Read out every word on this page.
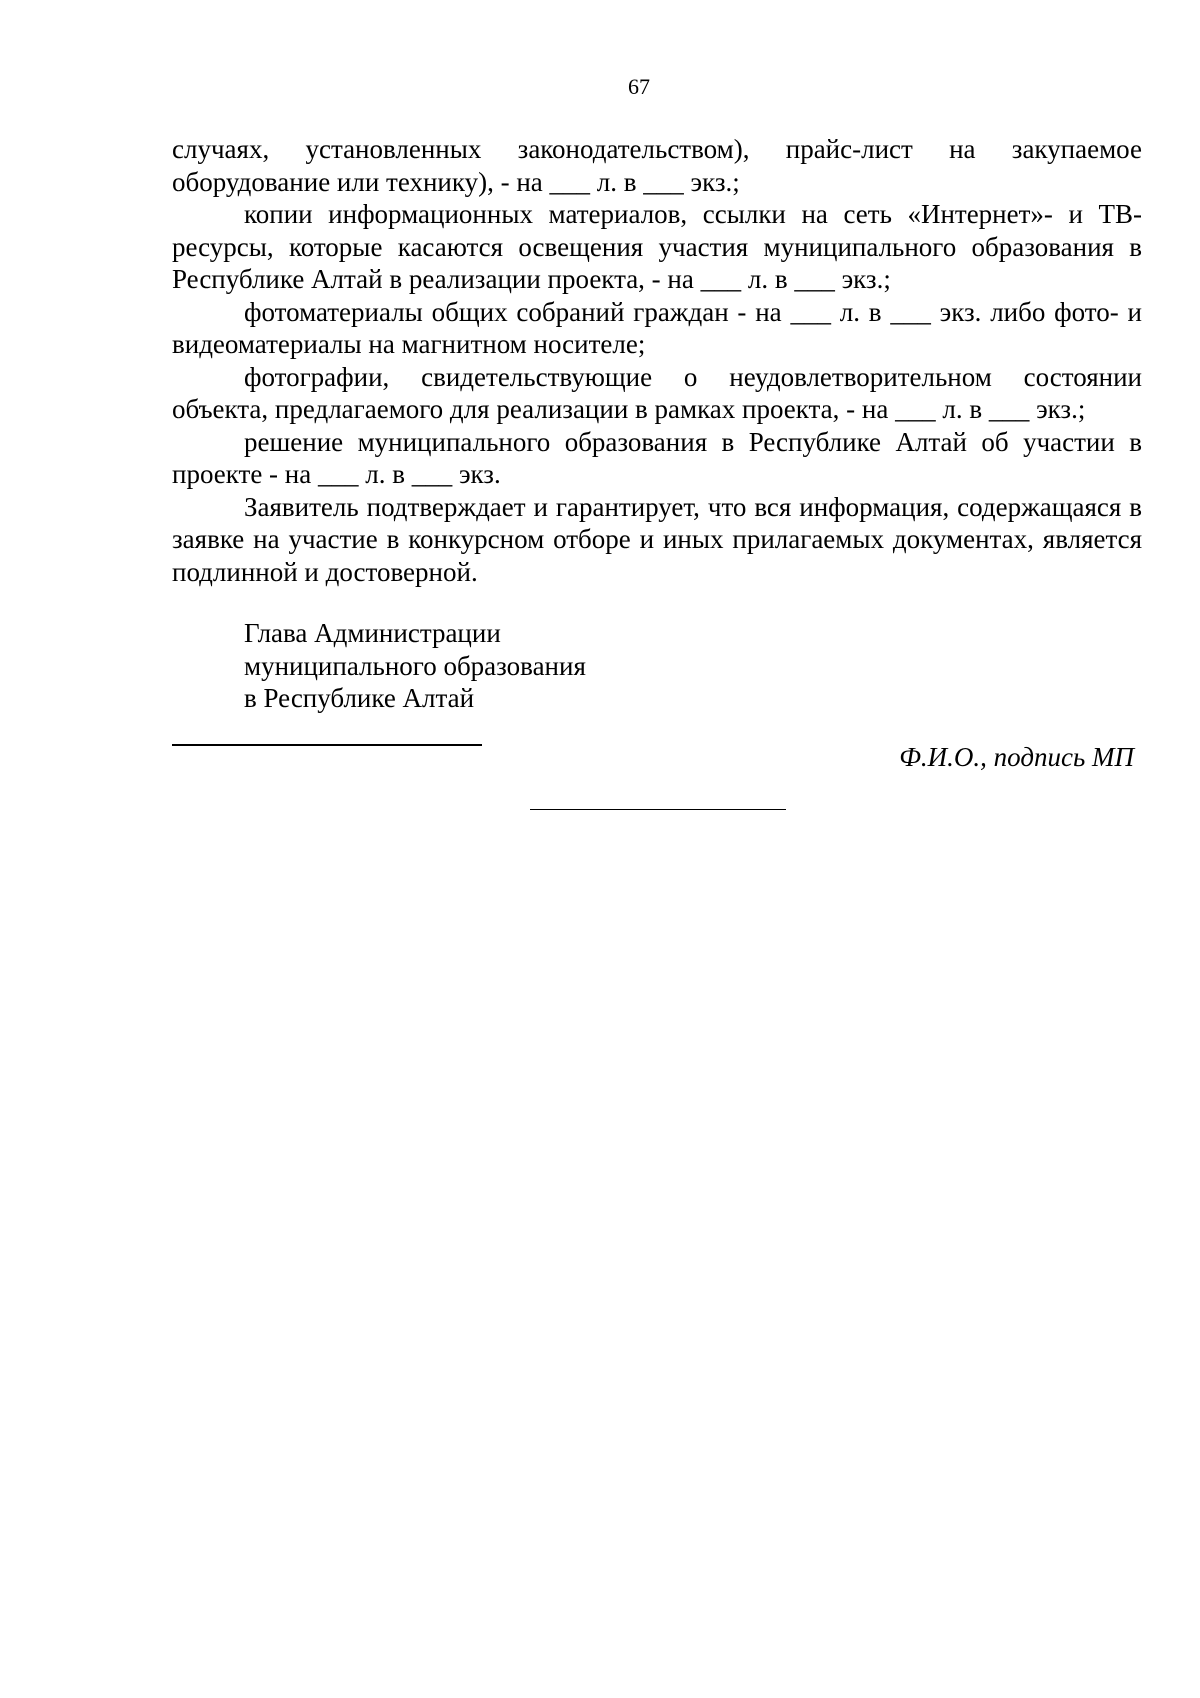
67

случаях, установленных законодательством), прайс-лист на закупаемое оборудование или технику), - на ___ л. в ___ экз.;

копии информационных материалов, ссылки на сеть «Интернет»- и ТВ-ресурсы, которые касаются освещения участия муниципального образования в Республике Алтай в реализации проекта, - на ___ л. в ___ экз.;

фотоматериалы общих собраний граждан - на ___ л. в ___ экз. либо фото- и видеоматериалы на магнитном носителе;

фотографии, свидетельствующие о неудовлетворительном состоянии объекта, предлагаемого для реализации в рамках проекта, - на ___ л. в ___ экз.;

решение муниципального образования в Республике Алтай об участии в проекте - на ___ л. в ___ экз.

Заявитель подтверждает и гарантирует, что вся информация, содержащаяся в заявке на участие в конкурсном отборе и иных прилагаемых документах, является подлинной и достоверной.

Глава Администрации
муниципального образования
в Республике Алтай
Ф.И.О., подпись МП
